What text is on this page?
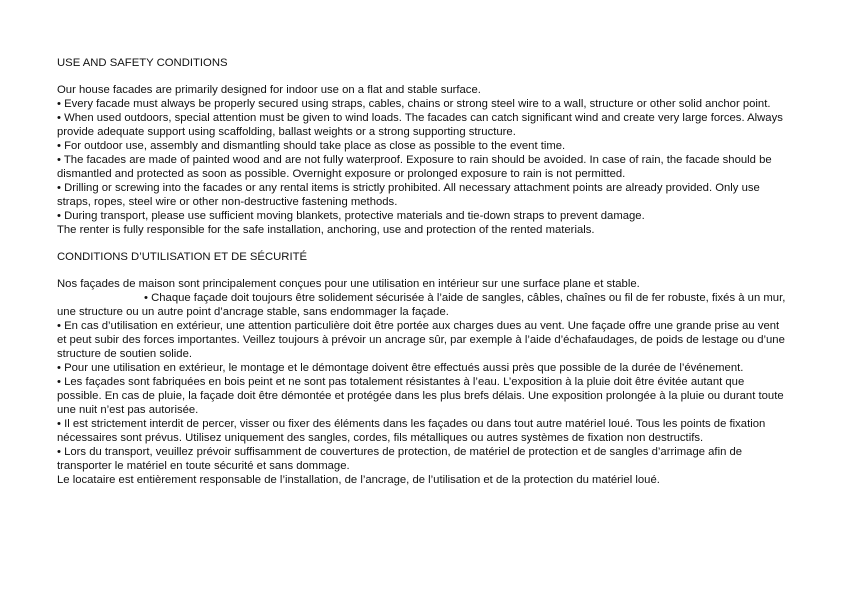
USE AND SAFETY CONDITIONS

Our house facades are primarily designed for indoor use on a flat and stable surface.

• Every facade must always be properly secured using straps, cables, chains or strong steel wire to a wall, structure or other solid anchor point.

• When used outdoors, special attention must be given to wind loads. The facades can catch significant wind and create very large forces. Always provide adequate support using scaffolding, ballast weights or a strong supporting structure.

• For outdoor use, assembly and dismantling should take place as close as possible to the event time.

• The facades are made of painted wood and are not fully waterproof. Exposure to rain should be avoided. In case of rain, the facade should be dismantled and protected as soon as possible. Overnight exposure or prolonged exposure to rain is not permitted.

• Drilling or screwing into the facades or any rental items is strictly prohibited. All necessary attachment points are already provided. Only use straps, ropes, steel wire or other non-destructive fastening methods.

• During transport, please use sufficient moving blankets, protective materials and tie-down straps to prevent damage.

The renter is fully responsible for the safe installation, anchoring, use and protection of the rented materials.

CONDITIONS D’UTILISATION ET DE SÉCURITÉ

Nos façades de maison sont principalement conçues pour une utilisation en intérieur sur une surface plane et stable.

• Chaque façade doit toujours être solidement sécurisée à l’aide de sangles, câbles, chaînes ou fil de fer robuste, fixés à un mur, une structure ou un autre point d’ancrage stable, sans endommager la façade.

• En cas d’utilisation en extérieur, une attention particulière doit être portée aux charges dues au vent. Une façade offre une grande prise au vent et peut subir des forces importantes. Veillez toujours à prévoir un ancrage sûr, par exemple à l’aide d’échafaudages, de poids de lestage ou d’une structure de soutien solide.

• Pour une utilisation en extérieur, le montage et le démontage doivent être effectués aussi près que possible de la durée de l’événement.

• Les façades sont fabriquées en bois peint et ne sont pas totalement résistantes à l’eau. L’exposition à la pluie doit être évitée autant que possible. En cas de pluie, la façade doit être démontée et protégée dans les plus brefs délais. Une exposition prolongée à la pluie ou durant toute une nuit n’est pas autorisée.

• Il est strictement interdit de percer, visser ou fixer des éléments dans les façades ou dans tout autre matériel loué. Tous les points de fixation nécessaires sont prévus. Utilisez uniquement des sangles, cordes, fils métalliques ou autres systèmes de fixation non destructifs.

• Lors du transport, veuillez prévoir suffisamment de couvertures de protection, de matériel de protection et de sangles d’arrimage afin de transporter le matériel en toute sécurité et sans dommage.

Le locataire est entièrement responsable de l’installation, de l’ancrage, de l’utilisation et de la protection du matériel loué.
